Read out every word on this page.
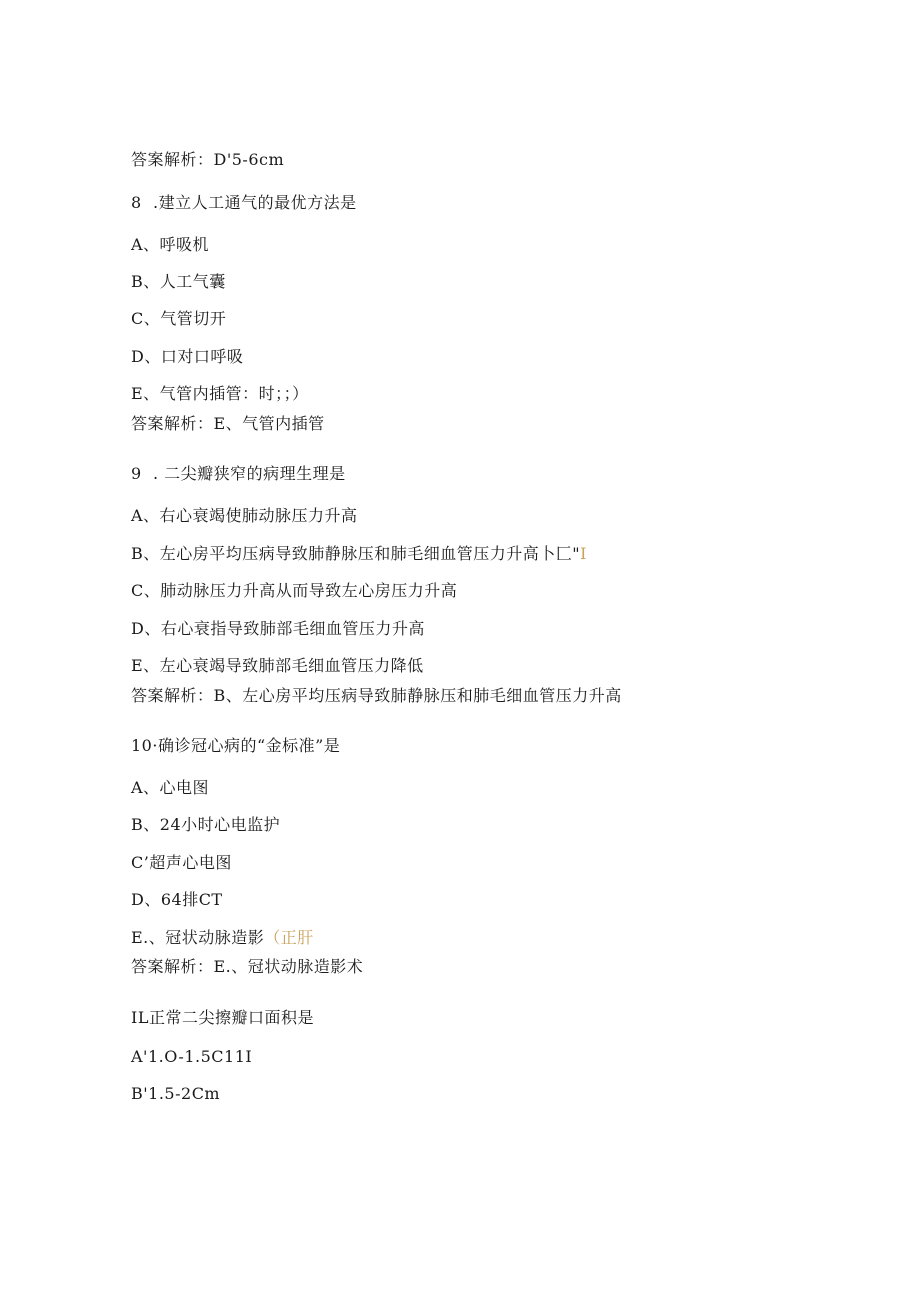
答案解析：D'5-6cm
8 .建立人工通气的最优方法是
A、呼吸机
B、人工气囊
C、气管切开
D、口对口呼吸
E、气管内插管：时；；）
答案解析：E、气管内插管
9 . 二尖瓣狭窄的病理生理是
A、右心衰竭使肺动脉压力升高
B、左心房平均压病导致肺静脉压和肺毛细血管压力升高卜匚"I
C、肺动脉压力升高从而导致左心房压力升高
D、右心衰指导致肺部毛细血管压力升高
E、左心衰竭导致肺部毛细血管压力降低
答案解析：B、左心房平均压病导致肺静脉压和肺毛细血管压力升高
10·确诊冠心病的“金标准”是
A、心电图
B、24小时心电监护
C’超声心电图
D、64排CT
E.、冠状动脉造影（正肝
答案解析：E.、冠状动脉造影术
IL正常二尖擦瓣口面积是
A'1.O-1.5C11I
B'1.5-2Cm
